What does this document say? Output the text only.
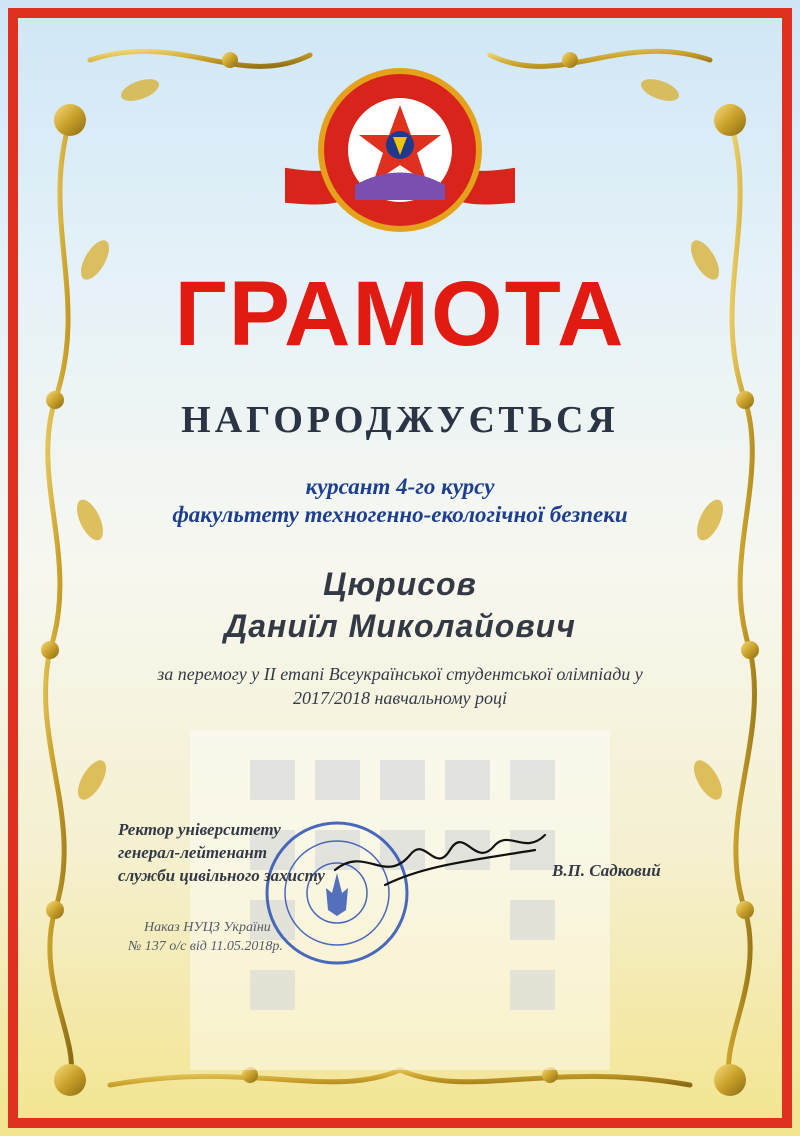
ГРАМОТА
НАГОРОДЖУЄТЬСЯ
курсант 4-го курсу
факультету техногенно-екологічної безпеки
Цюрисов
Даниїл Миколайович
за перемогу у ІІ етапі Всеукраїнської студентської олімпіади у
2017/2018 навчальному році
Ректор університету
генерал-лейтенант
служби цивільного захисту	В.П. Садковий
Наказ НУЦЗ України
№ 137 о/с від 11.05.2018р.
